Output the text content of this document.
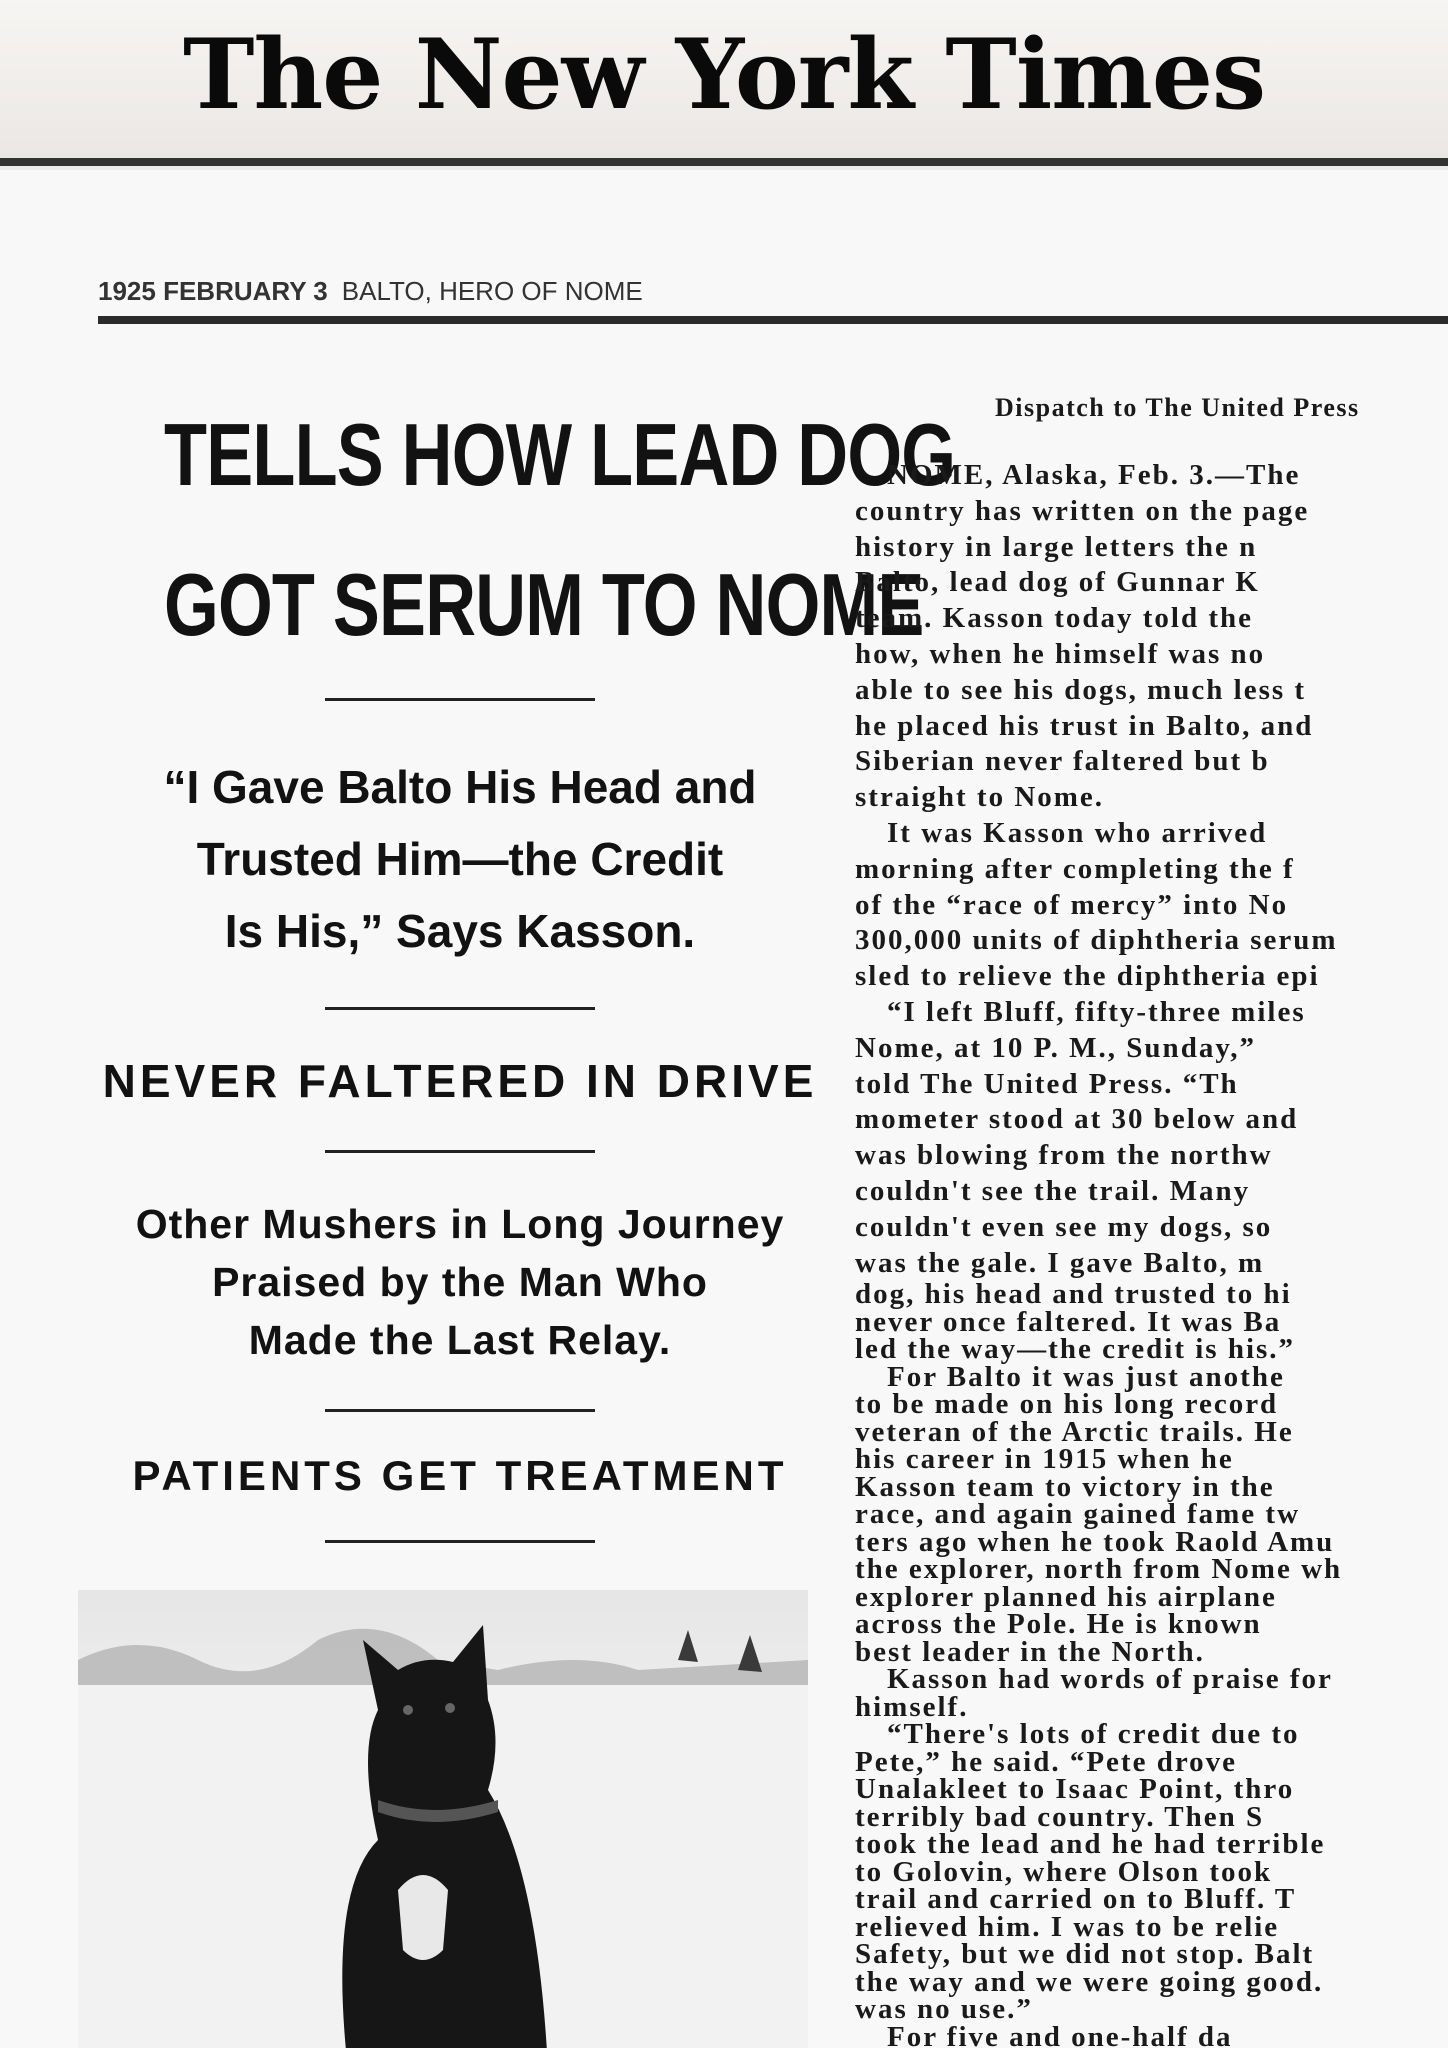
The New York Times
1925 FEBRUARY 3 BALTO, HERO OF NOME
TELLS HOW LEAD DOG
GOT SERUM TO NOME
“I Gave Balto His Head and
Trusted Him—the Credit
Is His,” Says Kasson.
NEVER FALTERED IN DRIVE
Other Mushers in Long Journey
Praised by the Man Who
Made the Last Relay.
PATIENTS GET TREATMENT
Dispatch to The United Press
NOME, Alaska, Feb. 3.—The
country has written on the page
history in large letters the n
Balto, lead dog of Gunnar K
team. Kasson today told the
how, when he himself was no
able to see his dogs, much less t
he placed his trust in Balto, and
Siberian never faltered but b
straight to Nome.
It was Kasson who arrived
morning after completing the f
of the “race of mercy” into No
300,000 units of diphtheria serum
sled to relieve the diphtheria epi
“I left Bluff, fifty-three miles
Nome, at 10 P. M., Sunday,”
told The United Press. “Th
mometer stood at 30 below and
was blowing from the northw
couldn't see the trail. Many
couldn't even see my dogs, so
was the gale. I gave Balto, m
dog, his head and trusted to hi
never once faltered. It was Ba
led the way—the credit is his.”
For Balto it was just anothe
to be made on his long record
veteran of the Arctic trails. He
his career in 1915 when he
Kasson team to victory in the
race, and again gained fame tw
ters ago when he took Raold Amu
the explorer, north from Nome wh
explorer planned his airplane
across the Pole. He is known
best leader in the North.
Kasson had words of praise for
himself.
“There's lots of credit due to
Pete,” he said. “Pete drove
Unalakleet to Isaac Point, thro
terribly bad country. Then S
took the lead and he had terrible
to Golovin, where Olson took
trail and carried on to Bluff. T
relieved him. I was to be relie
Safety, but we did not stop. Balt
the way and we were going good.
was no use.”
For five and one-half da
